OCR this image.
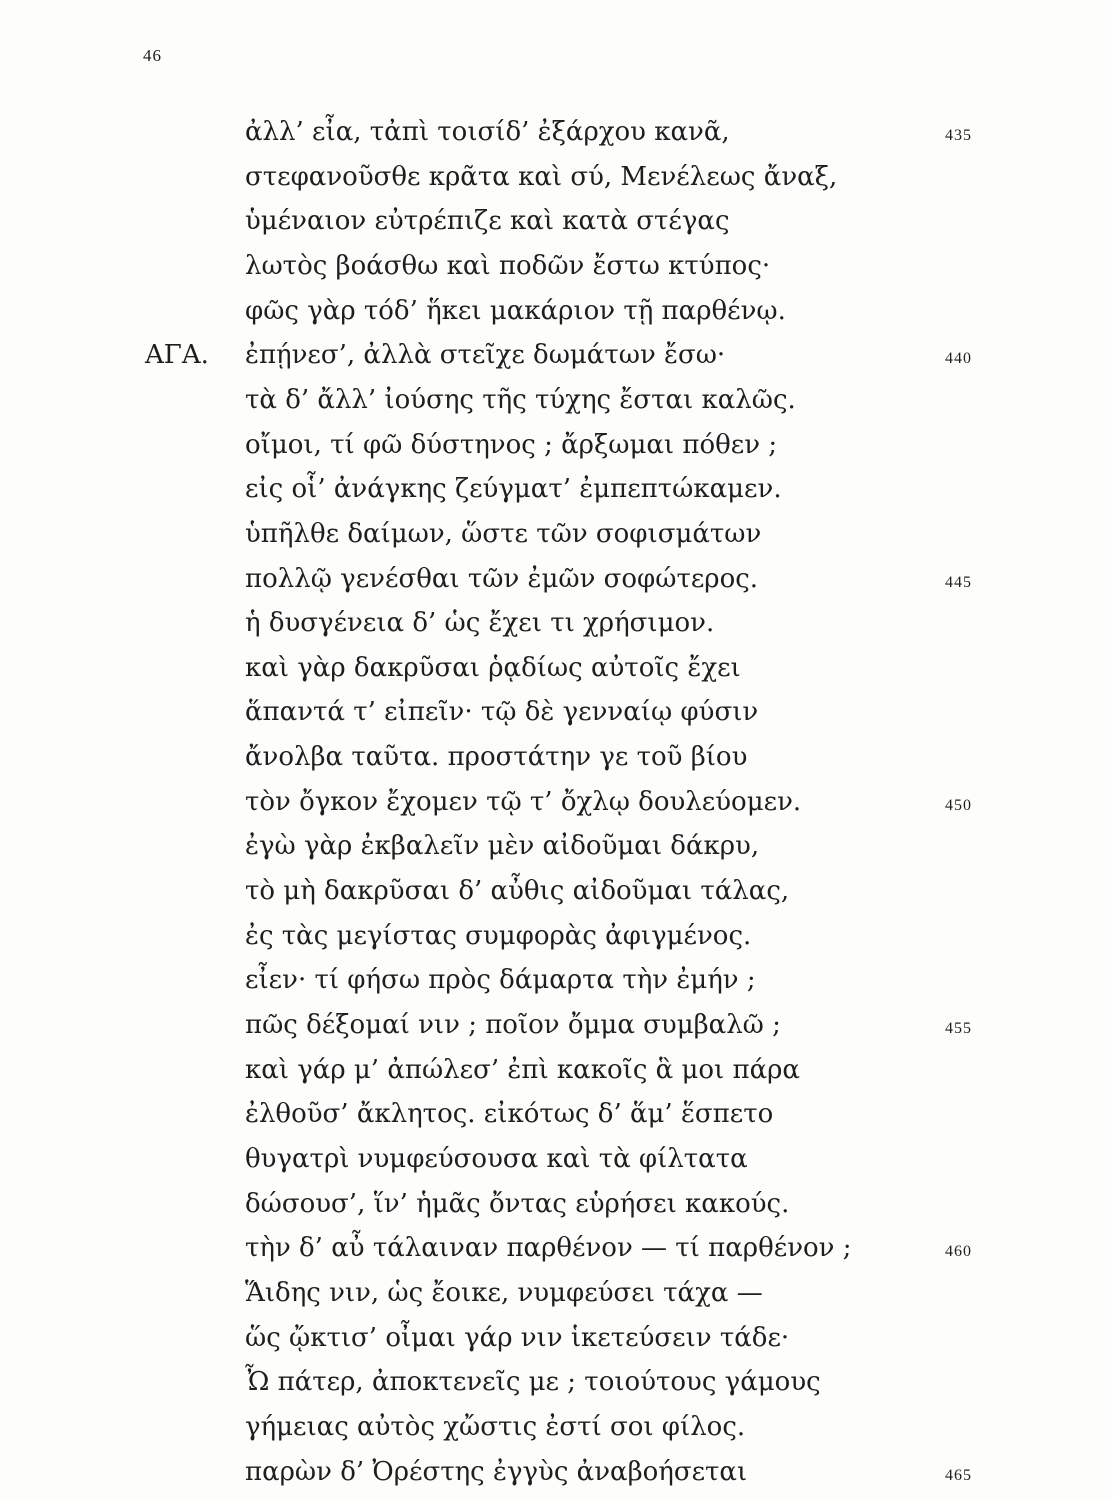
46
ἀλλ’ εἶα, τἀπὶ τοισίδ’ ἐξάρχου κανᾶ,	435
στεφανοῦσθε κρᾶτα καὶ σύ, Μενέλεως ἄναξ,
ὑμέναιον εὐτρέπιζε καὶ κατὰ στέγας
λωτὸς βοάσθω καὶ ποδῶν ἔστω κτύπος·
φῶς γὰρ τόδ’ ἥκει μακάριον τῇ παρθένῳ.
ΑΓΑ. ἐπῄνεσ’, ἀλλὰ στεῖχε δωμάτων ἔσω·	440
τὰ δ’ ἄλλ’ ἰούσης τῆς τύχης ἔσται καλῶς.
οἴμοι, τί φῶ δύστηνος ; ἄρξωμαι πόθεν ;
εἰς οἷ’ ἀνάγκης ζεύγματ’ ἐμπεπτώκαμεν.
ὑπῆλθε δαίμων, ὥστε τῶν σοφισμάτων
πολλῷ γενέσθαι τῶν ἐμῶν σοφώτερος.	445
ἡ δυσγένεια δ’ ὡς ἔχει τι χρήσιμον.
καὶ γὰρ δακρῦσαι ῥᾳδίως αὐτοῖς ἔχει
ἅπαντά τ’ εἰπεῖν· τῷ δὲ γενναίῳ φύσιν
ἄνολβα ταῦτα. προστάτην γε τοῦ βίου
τὸν ὄγκον ἔχομεν τῷ τ’ ὄχλῳ δουλεύομεν.	450
ἐγὼ γὰρ ἐκβαλεῖν μὲν αἰδοῦμαι δάκρυ,
τὸ μὴ δακρῦσαι δ’ αὖθις αἰδοῦμαι τάλας,
ἐς τὰς μεγίστας συμφορὰς ἀφιγμένος.
εἶεν· τί φήσω πρὸς δάμαρτα τὴν ἐμήν ;
πῶς δέξομαί νιν ; ποῖον ὄμμα συμβαλῶ ;	455
καὶ γάρ μ’ ἀπώλεσ’ ἐπὶ κακοῖς ἃ μοι πάρα
ἐλθοῦσ’ ἄκλητος. εἰκότως δ’ ἅμ’ ἕσπετο
θυγατρὶ νυμφεύσουσα καὶ τὰ φίλτατα
δώσουσ’, ἵν’ ἡμᾶς ὄντας εὑρήσει κακούς.
τὴν δ’ αὖ τάλαιναν παρθένον — τί παρθένον ;	460
Ἅιδης νιν, ὡς ἔοικε, νυμφεύσει τάχα —
ὥς ᾤκτισ’ οἶμαι γάρ νιν ἱκετεύσειν τάδε·
Ὦ πάτερ, ἀποκτενεῖς με ; τοιούτους γάμους
γήμειας αὐτὸς χὤστις ἐστί σοι φίλος.
παρὼν δ’ Ὀρέστης ἐγγὺς ἀναβοήσεται	465
